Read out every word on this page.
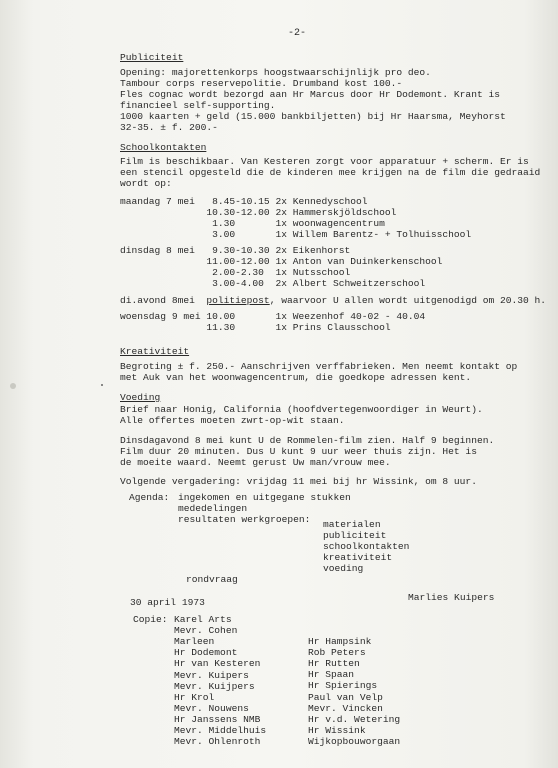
-2-
Publiciteit
Opening: majorettenkorps hoogstwaarschijnlijk pro deo.
Tambour corps reservepolitie. Drumband kost 100.-
Fles cognac wordt bezorgd aan Hr Marcus door Hr Dodemont. Krant is
financieel self-supporting.
1000 kaarten + geld (15.000 bankbiljetten) bij Hr Haarsma, Meyhorst
32-35. ± f. 200.-
Schoolkontakten
Film is beschikbaar. Van Kesteren zorgt voor apparatuur + scherm. Er is
een stencil opgesteld die de kinderen mee krijgen na de film die gedraaid
wordt op:
maandag 7 mei   8.45-10.15 2x Kennedyschool
10.30-12.00 2x Hammerskjöldschool
1.30       1x woonwagencentrum
3.00       1x Willem Barentz- + Tolhuisschool
dinsdag 8 mei   9.30-10.30 2x Eikenhorst
11.00-12.00 1x Anton van Duinkerkenschool
2.00-2.30  1x Nutsschool
3.00-4.00  2x Albert Schweitzerschool
di.avond 8mei  politiepost, waarvoor U allen wordt uitgenodigd om 20.30 h.
woensdag 9 mei 10.00       1x Weezenhof 40-02 - 40.04
11.30       1x Prins Clausschool
Kreativiteit
Begroting ± f. 250.- Aanschrijven verffabrieken. Men neemt kontakt op
met Auk van het woonwagencentrum, die goedkope adressen kent.
Voeding
Brief naar Honig, California (hoofdvertegenwoordiger in Weurt).
Alle offertes moeten zwrt-op-wit staan.
Dinsdagavond 8 mei kunt U de Rommelen-film zien. Half 9 beginnen.
Film duur 20 minuten. Dus U kunt 9 uur weer thuis zijn. Het is
de moeite waard. Neemt gerust Uw man/vrouw mee.
Volgende vergadering: vrijdag 11 mei bij hr Wissink, om 8 uur.
Agenda: ingekomen en uitgegane stukken
mededelingen
resultaten werkgroepen: materialen
publiciteit
schoolkontakten
kreativiteit
voeding
rondvraag
30 april 1973	Marlies Kuipers
Copie: Karel Arts
Mevr. Cohen
Marleen
Hr Dodemont
Hr van Kesteren
Mevr. Kuipers
Mevr. Kuijpers
Hr Krol
Mevr. Nouwens
Hr Janssens NMB
Mevr. Middelhuis
Mevr. Ohlenroth
Hr Hampsink
Rob Peters
Hr Rutten
Hr Spaan
Hr Spierings
Paul van Velp
Mevr. Vincken
Hr v.d. Wetering
Hr Wissink
Wijkopbouworgaan
